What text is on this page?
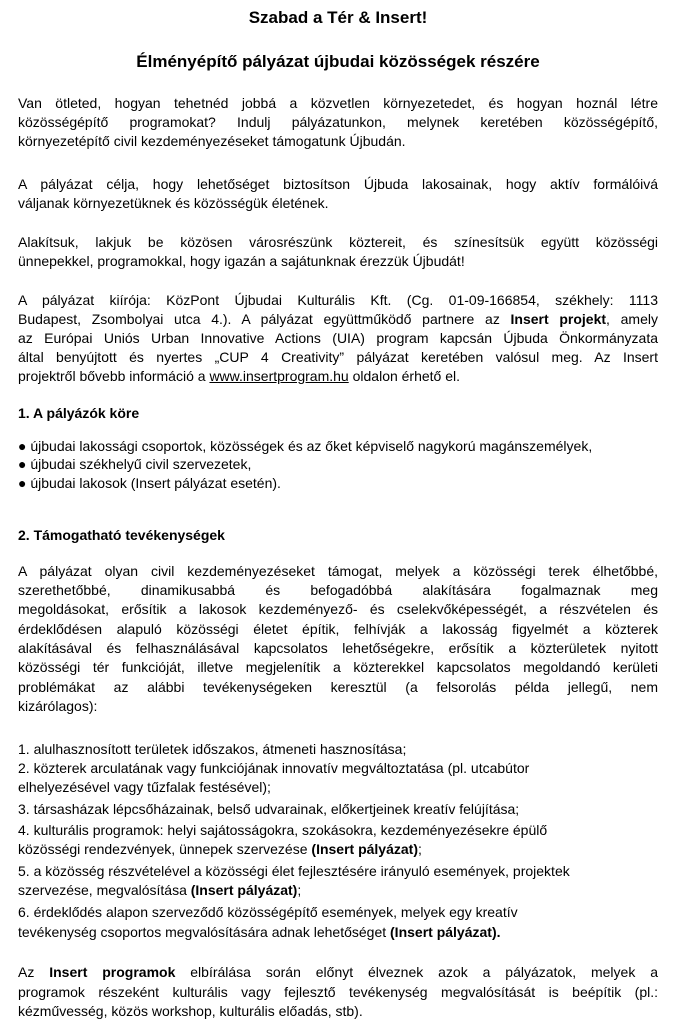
Szabad a Tér & Insert!
Élményépítő pályázat újbudai közösségek részére
Van ötleted, hogyan tehetnéd jobbá a közvetlen környezetedet, és hogyan hoznál létre
közösségépítő programokat? Indulj pályázatunkon, melynek keretében közösségépítő,
környezetépítő civil kezdeményezéseket támogatunk Újbudán.
A pályázat célja, hogy lehetőséget biztosítson Újbuda lakosainak, hogy aktív formálóivá
váljanak környezetüknek és közösségük életének.
Alakítsuk, lakjuk be közösen városrészünk köztereit, és színesítsük együtt közösségi
ünnepekkel, programokkal, hogy igazán a sajátunknak érezzük Újbudát!
A pályázat kiírója: KözPont Újbudai Kulturális Kft. (Cg. 01-09-166854, székhely: 1113
Budapest, Zsombolyai utca 4.). A pályázat együttműködő partnere az Insert projekt, amely
az Európai Uniós Urban Innovative Actions (UIA) program kapcsán Újbuda Önkormányzata
által benyújtott és nyertes „CUP 4 Creativity” pályázat keretében valósul meg. Az Insert
projektről bővebb információ a www.insertprogram.hu oldalon érhető el.
1. A pályázók köre
● újbudai lakossági csoportok, közösségek és az őket képviselő nagykorú magánszemélyek,
● újbudai székhelyű civil szervezetek,
● újbudai lakosok (Insert pályázat esetén).
2. Támogatható tevékenységek
A pályázat olyan civil kezdeményezéseket támogat, melyek a közösségi terek élhetőbbé,
szerethetőbbé, dinamikusabbá és befogadóbbá alakítására fogalmaznak meg
megoldásokat, erősítik a lakosok kezdeményező- és cselekvőképességét, a részvételen és
érdeklődésen alapuló közösségi életet építik, felhívják a lakosság figyelmét a közterek
alakításával és felhasználásával kapcsolatos lehetőségekre, erősítik a közterületek nyitott
közösségi tér funkcióját, illetve megjelenítik a közterekkel kapcsolatos megoldandó kerületi
problémákat az alábbi tevékenységeken keresztül (a felsorolás példa jellegű, nem
kizárólagos):
1. alulhasznosított területek időszakos, átmeneti hasznosítása;
2. közterek arculatának vagy funkciójának innovatív megváltoztatása (pl. utcabútor
elhelyezésével vagy tűzfalak festésével);
3. társasházak lépcsőházainak, belső udvarainak, előkertjeinek kreatív felújítása;
4. kulturális programok: helyi sajátosságokra, szokásokra, kezdeményezésekre épülő
közösségi rendezvények, ünnepek szervezése (Insert pályázat);
5. a közösség részvételével a közösségi élet fejlesztésére irányuló események, projektek
szervezése, megvalósítása (Insert pályázat);
6. érdeklődés alapon szerveződő közösségépítő események, melyek egy kreatív
tevékenység csoportos megvalósítására adnak lehetőséget (Insert pályázat).
Az Insert programok elbírálása során előnyt élveznek azok a pályázatok, melyek a
programok részeként kulturális vagy fejlesztő tevékenység megvalósítását is beépítik (pl.:
kézművesség, közös workshop, kulturális előadás, stb).
